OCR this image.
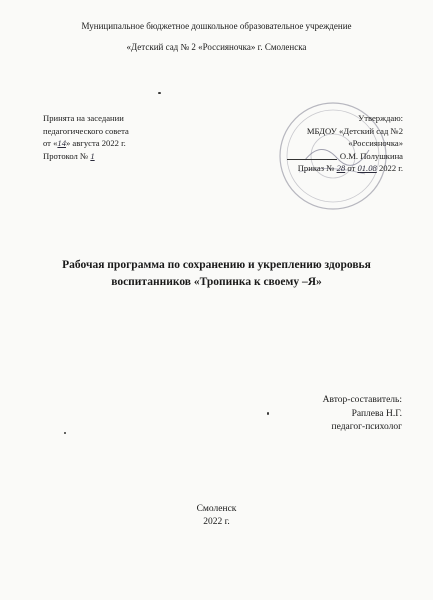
Муниципальное бюджетное дошкольное образовательное учреждение
«Детский сад № 2 «Россияночка» г. Смоленска
Принята на заседании
педагогического совета
от «14» августа 2022 г.
Протокол № 1
Утверждаю:
МБДОУ «Детский сад №2
«Россияночка»
О.М. Полушкина
Приказ № 28 от 01.08 2022 г.
Рабочая программа по сохранению и укреплению здоровья
воспитанников «Тропинка к своему –Я»
Автор-составитель:
Раплева Н.Г.
педагог-психолог
Смоленск
2022 г.
